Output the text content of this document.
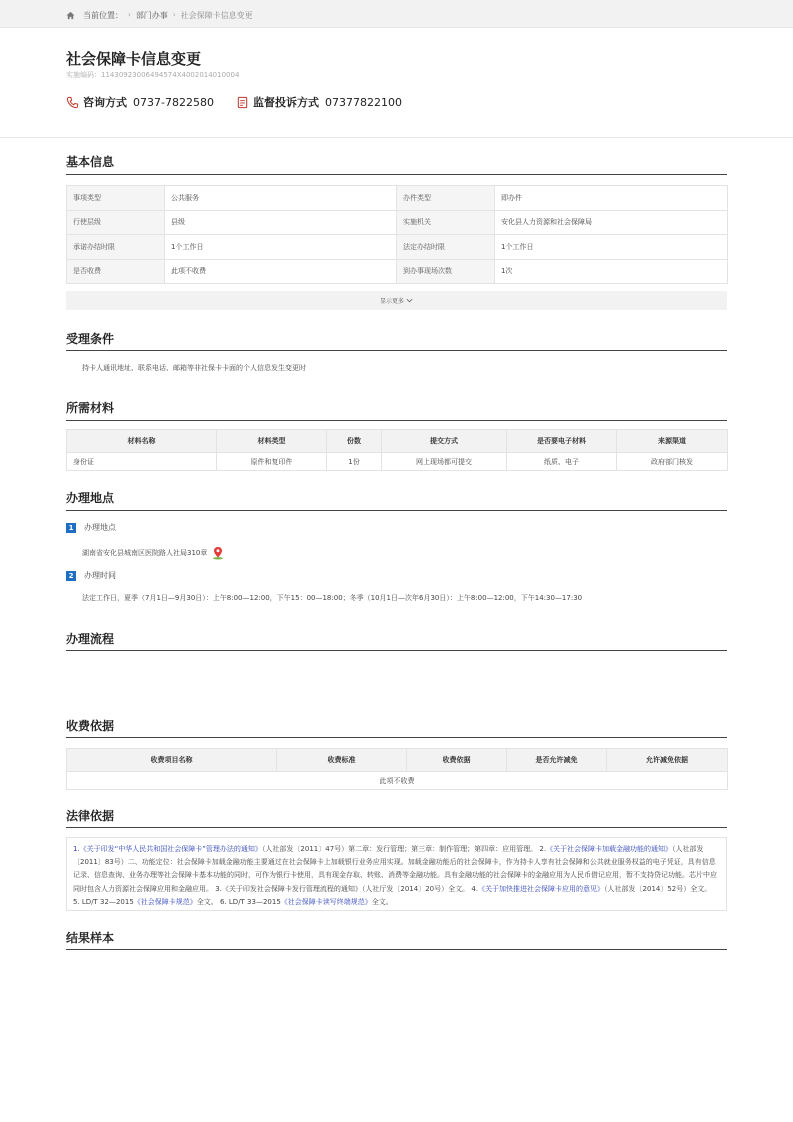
当前位置： › 部门办事 › 社会保障卡信息变更
社会保障卡信息变更
实施编码：11430923006494574X4002014010004
咨询方式 0737-7822580	监督投诉方式 07377822100
基本信息
事项类型	公共服务	办件类型	即办件
行使层级	县级	实施机关	安化县人力资源和社会保障局
承诺办结时限	1个工作日	法定办结时限	1个工作日
是否收费	此项不收费	到办事现场次数	1次
显示更多
受理条件
持卡人通讯地址、联系电话、邮箱等非社保卡卡面的个人信息发生变更时
所需材料
材料名称	材料类型	份数	提交方式	是否要电子材料	来源渠道
身份证	原件和复印件	1份	网上现场都可提交	纸质、电子	政府部门核发
办理地点
1	办理地点
湖南省安化县城南区医院路人社局310章
2	办理时间
法定工作日，夏季（7月1日—9月30日）：上午8:00—12:00，下午15：00—18:00；冬季（10月1日—次年6月30日）：上午8:00—12:00，下午14:30—17:30
办理流程
收费依据
收费项目名称	收费标准	收费依据	是否允许减免	允许减免依据
此项不收费
法律依据
1.《关于印发“中华人民共和国社会保障卡”管理办法的通知》（人社部发〔2011〕47号）第二章：发行管理；第三章：制作管理；第四章：应用管理。 2.《关于社会保障卡加载金融功能的通知》（人社部发〔2011〕83号）二、功能定位：社会保障卡加载金融功能主要通过在社会保障卡上加载银行业务应用实现。加载金融功能后的社会保障卡，作为持卡人享有社会保障和公共就业服务权益的电子凭证，具有信息记录、信息查询、业务办理等社会保障卡基本功能的同时，可作为银行卡使用，具有现金存取、转账、消费等金融功能。具有金融功能的社会保障卡的金融应用为人民币借记应用，暂不支持贷记功能。芯片中应同时包含人力资源社会保障应用和金融应用。 3.《关于印发社会保障卡发行管理流程的通知》（人社厅发〔2014〕20号）全文。 4.《关于加快推进社会保障卡应用的意见》（人社部发〔2014〕52号）全文。 5. LD/T 32—2015《社会保障卡规范》全文。 6. LD/T 33—2015《社会保障卡读写终端规范》全文。
结果样本
